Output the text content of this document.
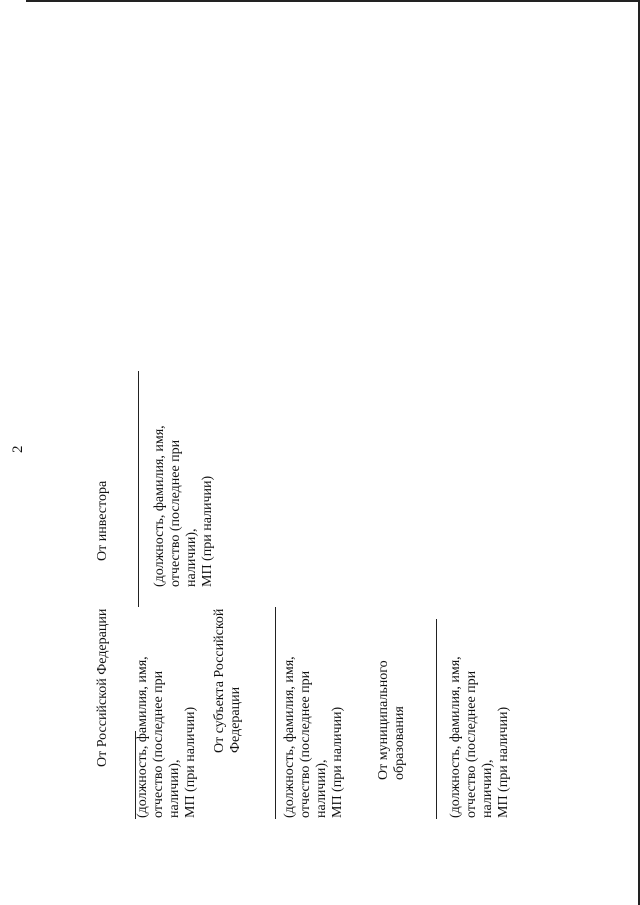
2
От Российской Федерации
От инвестора
(должность, фамилия, имя, отчество (последнее при наличии), МП (при наличии)
От субъекта Российской Федерации	(должность, фамилия, имя, отчество (последнее при наличии), МП (при наличии) От муниципального образования	(должность, фамилия, имя, отчество (последнее при наличии), МП (при наличии)
(должность, фамилия, имя, отчество (последнее при наличии), МП (при наличии)
